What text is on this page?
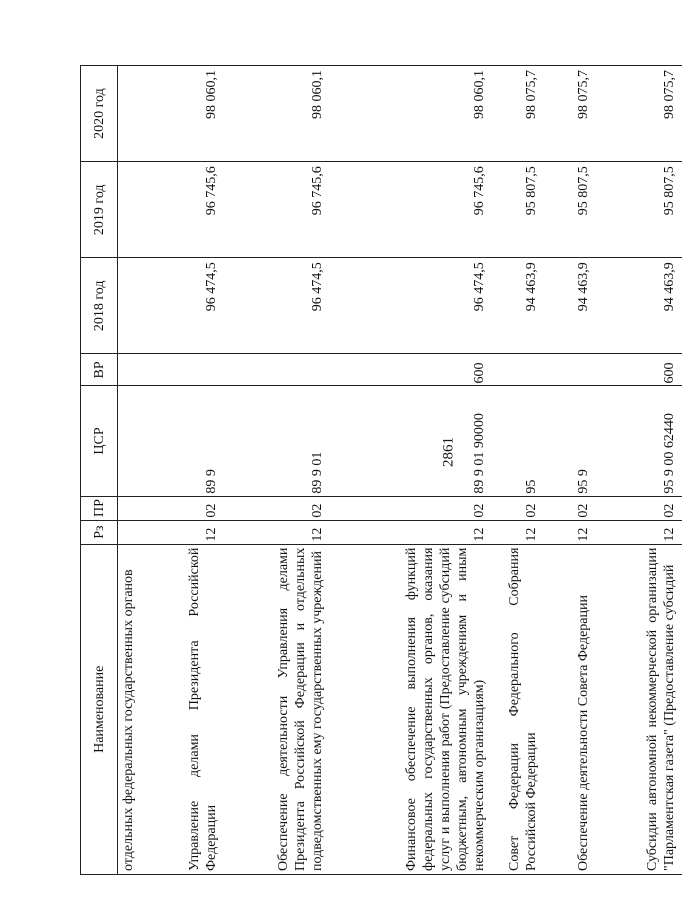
2861
Наименование	Рз	ПР	ЦСР	ВР	2018 год	2019 год	2020 год
отдельных федеральных государственных органов							
Управление делами Президента Российской Федерации	12	02	89 9		96 474,5	96 745,6	98 060,1
Обеспечение деятельности Управления делами Президента Российской Федерации и отдельных подведомственных ему государственных учреждений	12	02	89 9 01		96 474,5	96 745,6	98 060,1
Финансовое обеспечение выполнения функций федеральных государственных органов, оказания услуг и выполнения работ (Предоставление субсидий бюджетным, автономным учреждениям и иным некоммерческим организациям)	12	02	89 9 01 90000	600	96 474,5	96 745,6	98 060,1
Совет Федерации Федерального Собрания Российской Федерации	12	02	95		94 463,9	95 807,5	98 075,7
Обеспечение деятельности Совета Федерации	12	02	95 9		94 463,9	95 807,5	98 075,7
Субсидии автономной некоммерческой организации "Парламентская газета" (Предоставление субсидий	12	02	95 9 00 62440	600	94 463,9	95 807,5	98 075,7
